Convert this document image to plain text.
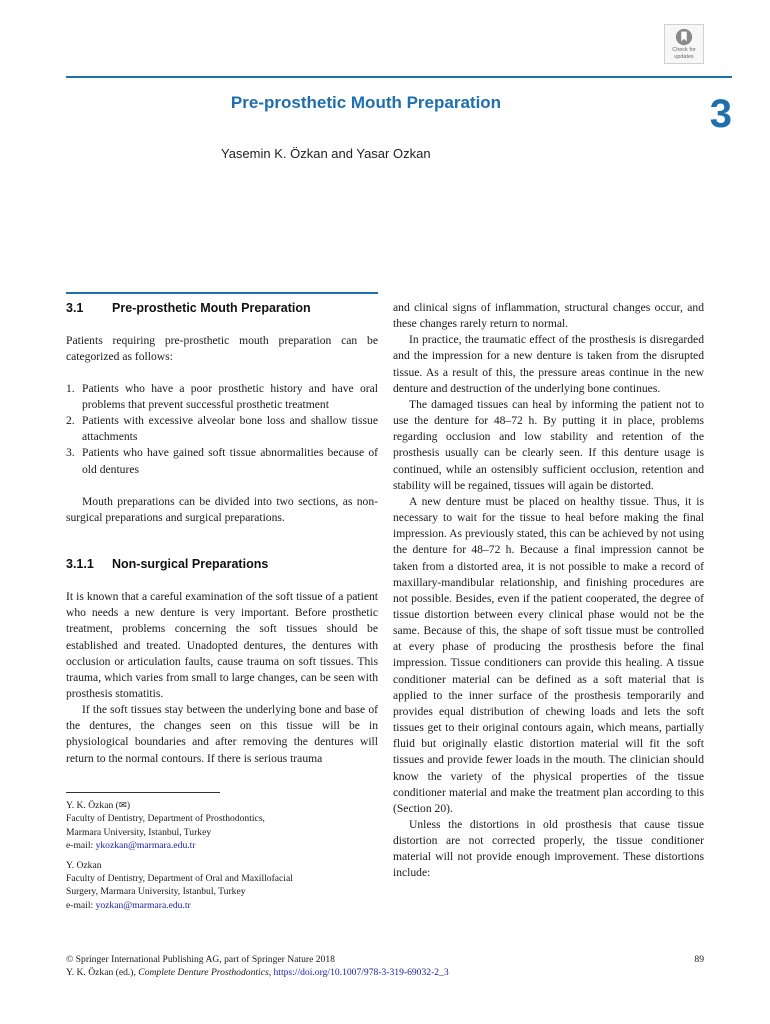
Check for
updates
Pre-prosthetic Mouth Preparation	3
Yasemin K. Özkan and Yasar Ozkan
3.1 Pre-prosthetic Mouth Preparation

Patients requiring pre-prosthetic mouth preparation can be categorized as follows:

1. Patients who have a poor prosthetic history and have oral problems that prevent successful prosthetic treatment
2. Patients with excessive alveolar bone loss and shallow tissue attachments
3. Patients who have gained soft tissue abnormalities because of old dentures

Mouth preparations can be divided into two sections, as non-surgical preparations and surgical preparations.

3.1.1 Non-surgical Preparations

It is known that a careful examination of the soft tissue of a patient who needs a new denture is very important. Before prosthetic treatment, problems concerning the soft tissues should be established and treated. Unadopted dentures, the dentures with occlusion or articulation faults, cause trauma on soft tissues. This trauma, which varies from small to large changes, can be seen with prosthesis stomatitis.

If the soft tissues stay between the underlying bone and base of the dentures, the changes seen on this tissue will be in physiological boundaries and after removing the dentures will return to the normal contours. If there is serious trauma

Y. K. Özkan (✉)
Faculty of Dentistry, Department of Prosthodontics,
Marmara University, Istanbul, Turkey
e-mail: ykozkan@marmara.edu.tr
Y. Ozkan
Faculty of Dentistry, Department of Oral and Maxillofacial
Surgery, Marmara University, Istanbul, Turkey
e-mail: yozkan@marmara.edu.tr

and clinical signs of inflammation, structural changes occur, and these changes rarely return to normal.

In practice, the traumatic effect of the prosthesis is disregarded and the impression for a new denture is taken from the disrupted tissue. As a result of this, the pressure areas continue in the new denture and destruction of the underlying bone continues.

The damaged tissues can heal by informing the patient not to use the denture for 48–72 h. By putting it in place, problems regarding occlusion and low stability and retention of the prosthesis usually can be clearly seen. If this denture usage is continued, while an ostensibly sufficient occlusion, retention and stability will be regained, tissues will again be distorted.

A new denture must be placed on healthy tissue. Thus, it is necessary to wait for the tissue to heal before making the final impression. As previously stated, this can be achieved by not using the denture for 48–72 h. Because a final impression cannot be taken from a distorted area, it is not possible to make a record of maxillary-mandibular relationship, and finishing procedures are not possible. Besides, even if the patient cooperated, the degree of tissue distortion between every clinical phase would not be the same. Because of this, the shape of soft tissue must be controlled at every phase of producing the prosthesis before the final impression. Tissue conditioners can provide this healing. A tissue conditioner material can be defined as a soft material that is applied to the inner surface of the prosthesis temporarily and provides equal distribution of chewing loads and lets the soft tissues get to their original contours again, which means, partially fluid but originally elastic distortion material will fit the soft tissues and provide fewer loads in the mouth. The clinician should know the variety of the physical properties of the tissue conditioner material and make the treatment plan according to this (Section 20).

Unless the distortions in old prosthesis that cause tissue distortion are not corrected properly, the tissue conditioner material will not provide enough improvement. These distortions include:

© Springer International Publishing AG, part of Springer Nature 2018
Y. K. Özkan (ed.), Complete Denture Prosthodontics, https://doi.org/10.1007/978-3-319-69032-2_3
89
